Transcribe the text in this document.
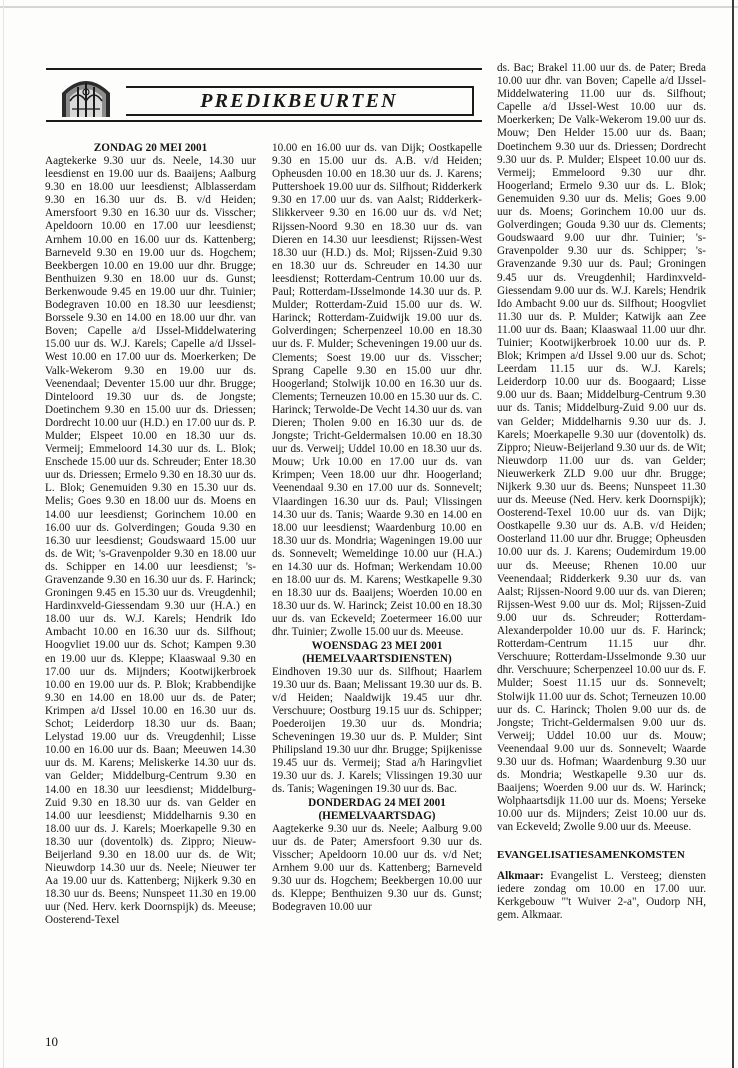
PREDIKBEURTEN

ZONDAG 20 MEI 2001

Aagtekerke 9.30 uur ds. Neele, 14.30 uur leesdienst en 19.00 uur ds. Baaijens; Aalburg 9.30 en 18.00 uur leesdienst; Alblasserdam 9.30 en 16.30 uur ds. B. v/d Heiden; Amersfoort 9.30 en 16.30 uur ds. Visscher; Apeldoorn 10.00 en 17.00 uur leesdienst; Arnhem 10.00 en 16.00 uur ds. Kattenberg; Barneveld 9.30 en 19.00 uur ds. Hogchem; Beekbergen 10.00 en 19.00 uur dhr. Brugge; Benthuizen 9.30 en 18.00 uur ds. Gunst; Berkenwoude 9.45 en 19.00 uur dhr. Tuinier; Bodegraven 10.00 en 18.30 uur leesdienst; Borssele 9.30 en 14.00 en 18.00 uur dhr. van Boven; Capelle a/d IJssel-Middelwatering 15.00 uur ds. W.J. Karels; Capelle a/d IJssel-West 10.00 en 17.00 uur ds. Moerkerken; De Valk-Wekerom 9.30 en 19.00 uur ds. Veenendaal; Deventer 15.00 uur dhr. Brugge; Dinteloord 19.30 uur ds. de Jongste; Doetinchem 9.30 en 15.00 uur ds. Driessen; Dordrecht 10.00 uur (H.D.) en 17.00 uur ds. P. Mulder; Elspeet 10.00 en 18.30 uur ds. Vermeij; Emmeloord 14.30 uur ds. L. Blok; Enschede 15.00 uur ds. Schreuder; Enter 18.30 uur ds. Driessen; Ermelo 9.30 en 18.30 uur ds. L. Blok; Genemuiden 9.30 en 15.30 uur ds. Melis; Goes 9.30 en 18.00 uur ds. Moens en 14.00 uur leesdienst; Gorinchem 10.00 en 16.00 uur ds. Golverdingen; Gouda 9.30 en 16.30 uur leesdienst; Goudswaard 15.00 uur ds. de Wit; 's-Gravenpolder 9.30 en 18.00 uur ds. Schipper en 14.00 uur leesdienst; 's-Gravenzande 9.30 en 16.30 uur ds. F. Harinck; Groningen 9.45 en 15.30 uur ds. Vreugdenhil; Hardinxveld-Giessendam 9.30 uur (H.A.) en 18.00 uur ds. W.J. Karels; Hendrik Ido Ambacht 10.00 en 16.30 uur ds. Silfhout; Hoogvliet 19.00 uur ds. Schot; Kampen 9.30 en 19.00 uur ds. Kleppe; Klaaswaal 9.30 en 17.00 uur ds. Mijnders; Kootwijkerbroek 10.00 en 19.00 uur ds. P. Blok; Krabbendijke 9.30 en 14.00 en 18.00 uur ds. de Pater; Krimpen a/d IJssel 10.00 en 16.30 uur ds. Schot; Leiderdorp 18.30 uur ds. Baan; Lelystad 19.00 uur ds. Vreugdenhil; Lisse 10.00 en 16.00 uur ds. Baan; Meeuwen 14.30 uur ds. M. Karens; Meliskerke 14.30 uur ds. van Gelder; Middelburg-Centrum 9.30 en 14.00 en 18.30 uur leesdienst; Middelburg-Zuid 9.30 en 18.30 uur ds. van Gelder en 14.00 uur leesdienst; Middelharnis 9.30 en 18.00 uur ds. J. Karels; Moerkapelle 9.30 en 18.30 uur (doventolk) ds. Zippro; Nieuw-Beijerland 9.30 en 18.00 uur ds. de Wit; Nieuwdorp 14.30 uur ds. Neele; Nieuwer ter Aa 19.00 uur ds. Kattenberg; Nijkerk 9.30 en 18.30 uur ds. Beens; Nunspeet 11.30 en 19.00 uur (Ned. Herv. kerk Doornspijk) ds. Meeuse; Oosterend-Texel

10.00 en 16.00 uur ds. van Dijk; Oostkapelle 9.30 en 15.00 uur ds. A.B. v/d Heiden; Opheusden 10.00 en 18.30 uur ds. J. Karens; Puttershoek 19.00 uur ds. Silfhout; Ridderkerk 9.30 en 17.00 uur ds. van Aalst; Ridderkerk-Slikkerveer 9.30 en 16.00 uur ds. v/d Net; Rijssen-Noord 9.30 en 18.30 uur ds. van Dieren en 14.30 uur leesdienst; Rijssen-West 18.30 uur (H.D.) ds. Mol; Rijssen-Zuid 9.30 en 18.30 uur ds. Schreuder en 14.30 uur leesdienst; Rotterdam-Centrum 10.00 uur ds. Paul; Rotterdam-IJsselmonde 14.30 uur ds. P. Mulder; Rotterdam-Zuid 15.00 uur ds. W. Harinck; Rotterdam-Zuidwijk 19.00 uur ds. Golverdingen; Scherpenzeel 10.00 en 18.30 uur ds. F. Mulder; Scheveningen 19.00 uur ds. Clements; Soest 19.00 uur ds. Visscher; Sprang Capelle 9.30 en 15.00 uur dhr. Hoogerland; Stolwijk 10.00 en 16.30 uur ds. Clements; Terneuzen 10.00 en 15.30 uur ds. C. Harinck; Terwolde-De Vecht 14.30 uur ds. van Dieren; Tholen 9.00 en 16.30 uur ds. de Jongste; Tricht-Geldermalsen 10.00 en 18.30 uur ds. Verweij; Uddel 10.00 en 18.30 uur ds. Mouw; Urk 10.00 en 17.00 uur ds. van Krimpen; Veen 18.00 uur dhr. Hoogerland; Veenendaal 9.30 en 17.00 uur ds. Sonnevelt; Vlaardingen 16.30 uur ds. Paul; Vlissingen 14.30 uur ds. Tanis; Waarde 9.30 en 14.00 en 18.00 uur leesdienst; Waardenburg 10.00 en 18.30 uur ds. Mondria; Wageningen 19.00 uur ds. Sonnevelt; Wemeldinge 10.00 uur (H.A.) en 14.30 uur ds. Hofman; Werkendam 10.00 en 18.00 uur ds. M. Karens; Westkapelle 9.30 en 18.30 uur ds. Baaijens; Woerden 10.00 en 18.30 uur ds. W. Harinck; Zeist 10.00 en 18.30 uur ds. van Eckeveld; Zoetermeer 16.00 uur dhr. Tuinier; Zwolle 15.00 uur ds. Meeuse.

WOENSDAG 23 MEI 2001

(HEMELVAARTSDIENSTEN)

Eindhoven 19.30 uur ds. Silfhout; Haarlem 19.30 uur ds. Baan; Melissant 19.30 uur ds. B. v/d Heiden; Naaldwijk 19.45 uur dhr. Verschuure; Oostburg 19.15 uur ds. Schipper; Poederoijen 19.30 uur ds. Mondria; Scheveningen 19.30 uur ds. P. Mulder; Sint Philipsland 19.30 uur dhr. Brugge; Spijkenisse 19.45 uur ds. Vermeij; Stad a/h Haringvliet 19.30 uur ds. J. Karels; Vlissingen 19.30 uur ds. Tanis; Wageningen 19.30 uur ds. Bac.

DONDERDAG 24 MEI 2001

(HEMELVAARTSDAG)

Aagtekerke 9.30 uur ds. Neele; Aalburg 9.00 uur ds. de Pater; Amersfoort 9.30 uur ds. Visscher; Apeldoorn 10.00 uur ds. v/d Net; Arnhem 9.00 uur ds. Kattenberg; Barneveld 9.30 uur ds. Hogchem; Beekbergen 10.00 uur ds. Kleppe; Benthuizen 9.30 uur ds. Gunst; Bodegraven 10.00 uur

ds. Bac; Brakel 11.00 uur ds. de Pater; Breda 10.00 uur dhr. van Boven; Capelle a/d IJssel-Middelwatering 11.00 uur ds. Silfhout; Capelle a/d IJssel-West 10.00 uur ds. Moerkerken; De Valk-Wekerom 19.00 uur ds. Mouw; Den Helder 15.00 uur ds. Baan; Doetinchem 9.30 uur ds. Driessen; Dordrecht 9.30 uur ds. P. Mulder; Elspeet 10.00 uur ds. Vermeij; Emmeloord 9.30 uur dhr. Hoogerland; Ermelo 9.30 uur ds. L. Blok; Genemuiden 9.30 uur ds. Melis; Goes 9.00 uur ds. Moens; Gorinchem 10.00 uur ds. Golverdingen; Gouda 9.30 uur ds. Clements; Goudswaard 9.00 uur dhr. Tuinier; 's-Gravenpolder 9.30 uur ds. Schipper; 's-Gravenzande 9.30 uur ds. Paul; Groningen 9.45 uur ds. Vreugdenhil; Hardinxveld-Giessendam 9.00 uur ds. W.J. Karels; Hendrik Ido Ambacht 9.00 uur ds. Silfhout; Hoogvliet 11.30 uur ds. P. Mulder; Katwijk aan Zee 11.00 uur ds. Baan; Klaaswaal 11.00 uur dhr. Tuinier; Kootwijkerbroek 10.00 uur ds. P. Blok; Krimpen a/d IJssel 9.00 uur ds. Schot; Leerdam 11.15 uur ds. W.J. Karels; Leiderdorp 10.00 uur ds. Boogaard; Lisse 9.00 uur ds. Baan; Middelburg-Centrum 9.30 uur ds. Tanis; Middelburg-Zuid 9.00 uur ds. van Gelder; Middelharnis 9.30 uur ds. J. Karels; Moerkapelle 9.30 uur (doventolk) ds. Zippro; Nieuw-Beijerland 9.30 uur ds. de Wit; Nieuwdorp 11.00 uur ds. van Gelder; Nieuwerkerk ZLD 9.00 uur dhr. Brugge; Nijkerk 9.30 uur ds. Beens; Nunspeet 11.30 uur ds. Meeuse (Ned. Herv. kerk Doornspijk); Oosterend-Texel 10.00 uur ds. van Dijk; Oostkapelle 9.30 uur ds. A.B. v/d Heiden; Oosterland 11.00 uur dhr. Brugge; Opheusden 10.00 uur ds. J. Karens; Oudemirdum 19.00 uur ds. Meeuse; Rhenen 10.00 uur Veenendaal; Ridderkerk 9.30 uur ds. van Aalst; Rijssen-Noord 9.00 uur ds. van Dieren; Rijssen-West 9.00 uur ds. Mol; Rijssen-Zuid 9.00 uur ds. Schreuder; Rotterdam-Alexanderpolder 10.00 uur ds. F. Harinck; Rotterdam-Centrum 11.15 uur dhr. Verschuure; Rotterdam-IJsselmonde 9.30 uur dhr. Verschuure; Scherpenzeel 10.00 uur ds. F. Mulder; Soest 11.15 uur ds. Sonnevelt; Stolwijk 11.00 uur ds. Schot; Terneuzen 10.00 uur ds. C. Harinck; Tholen 9.00 uur ds. de Jongste; Tricht-Geldermalsen 9.00 uur ds. Verweij; Uddel 10.00 uur ds. Mouw; Veenendaal 9.00 uur ds. Sonnevelt; Waarde 9.30 uur ds. Hofman; Waardenburg 9.30 uur ds. Mondria; Westkapelle 9.30 uur ds. Baaijens; Woerden 9.00 uur ds. W. Harinck; Wolphaartsdijk 11.00 uur ds. Moens; Yerseke 10.00 uur ds. Mijnders; Zeist 10.00 uur ds. van Eckeveld; Zwolle 9.00 uur ds. Meeuse.

EVANGELISATIESAMENKOMSTEN

Alkmaar: Evangelist L. Versteeg; diensten iedere zondag om 10.00 en 17.00 uur. Kerkgebouw "'t Wuiver 2-a", Oudorp NH, gem. Alkmaar.

10
